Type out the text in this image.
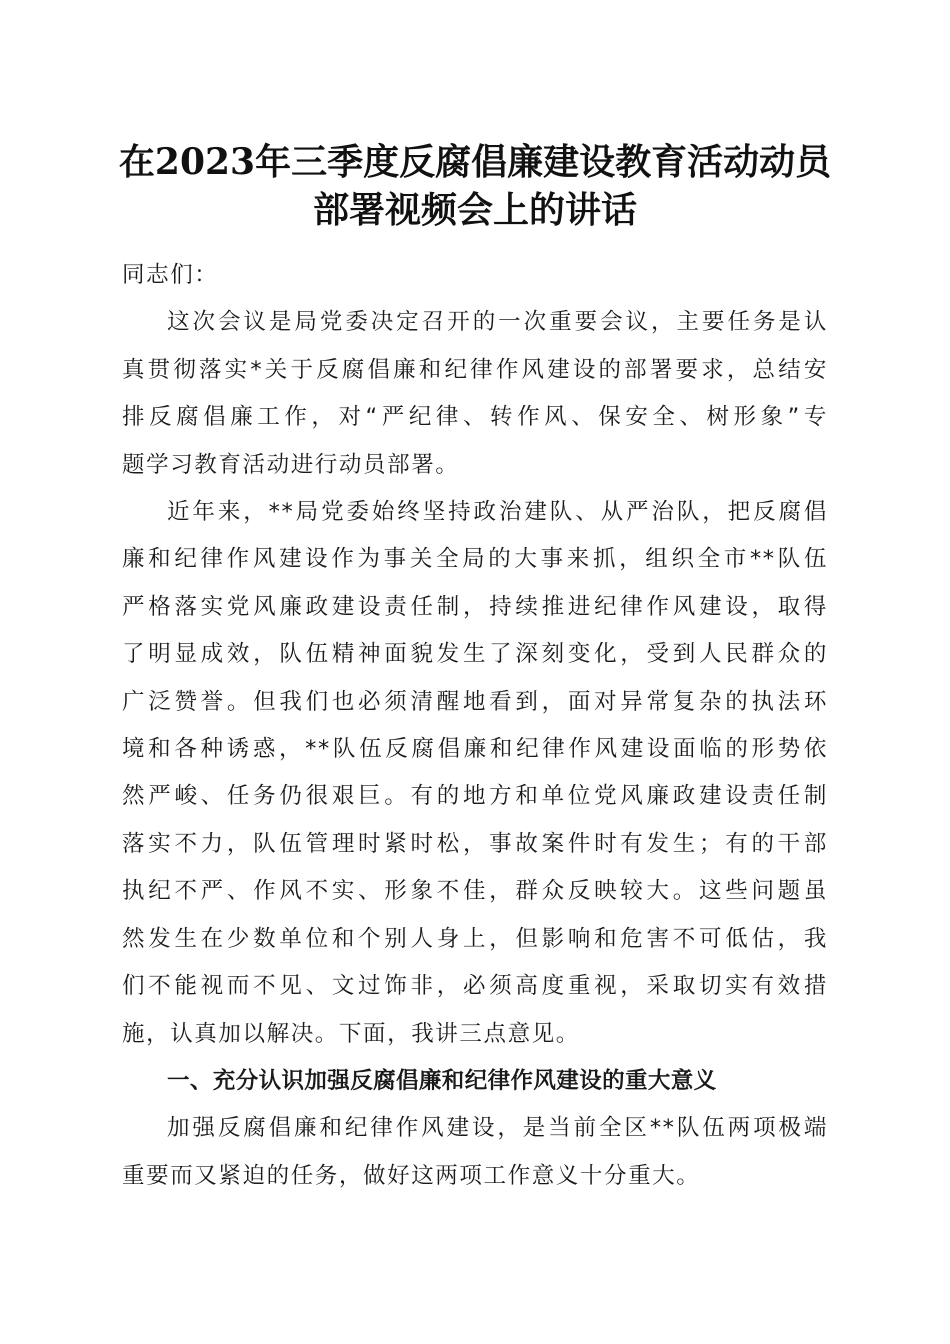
在2023年三季度反腐倡廉建设教育活动动员
部署视频会上的讲话

同志们：

这次会议是局党委决定召开的一次重要会议，主要任务是认
真贯彻落实*关于反腐倡廉和纪律作风建设的部署要求，总结安
排反腐倡廉工作，对“严纪律、转作风、保安全、树形象”专
题学习教育活动进行动员部署。
近年来，**局党委始终坚持政治建队、从严治队，把反腐倡
廉和纪律作风建设作为事关全局的大事来抓，组织全市**队伍
严格落实党风廉政建设责任制，持续推进纪律作风建设，取得
了明显成效，队伍精神面貌发生了深刻变化，受到人民群众的
广泛赞誉。但我们也必须清醒地看到，面对异常复杂的执法环
境和各种诱惑，**队伍反腐倡廉和纪律作风建设面临的形势依
然严峻、任务仍很艰巨。有的地方和单位党风廉政建设责任制
落实不力，队伍管理时紧时松，事故案件时有发生；有的干部
执纪不严、作风不实、形象不佳，群众反映较大。这些问题虽
然发生在少数单位和个别人身上，但影响和危害不可低估，我
们不能视而不见、文过饰非，必须高度重视，采取切实有效措
施，认真加以解决。下面，我讲三点意见。

一、充分认识加强反腐倡廉和纪律作风建设的重大意义

加强反腐倡廉和纪律作风建设，是当前全区**队伍两项极端
重要而又紧迫的任务，做好这两项工作意义十分重大。
